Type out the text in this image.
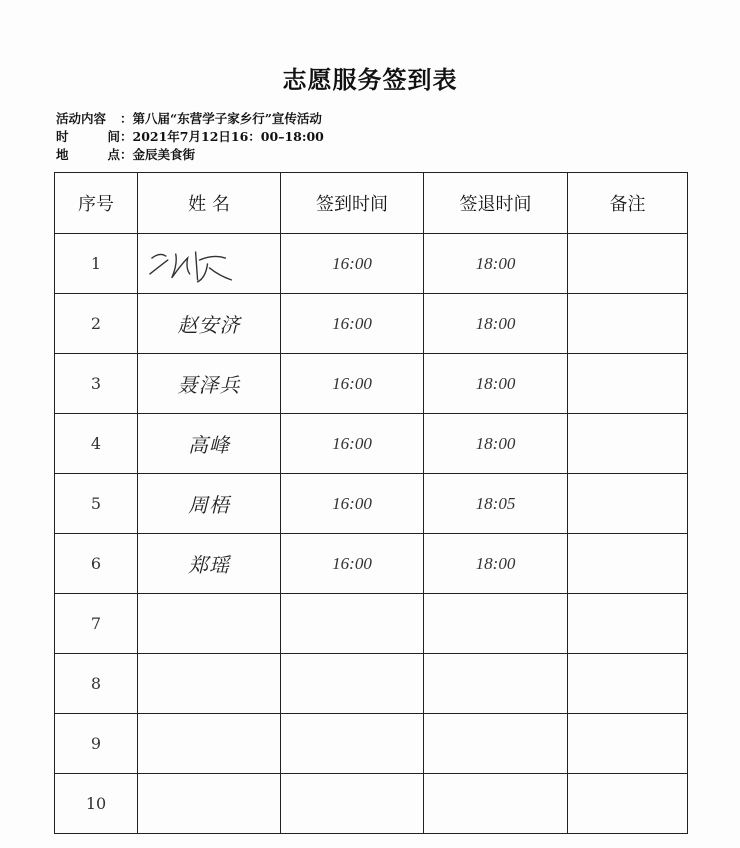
志愿服务签到表
活动内容 ： 第八届“东营学子家乡行”宣传活动
时	间 ： 2021年7月12日16：00–18:00
地	点 ： 金辰美食街
序号	姓 名	签到时间	签退时间	备注
1		16:00	18:00	
2	赵安济	16:00	18:00	
3	聂泽兵	16:00	18:00	
4	高峰	16:00	18:00	
5	周梧	16:00	18:05	
6	郑瑶	16:00	18:00	
7				
8				
9				
10				
